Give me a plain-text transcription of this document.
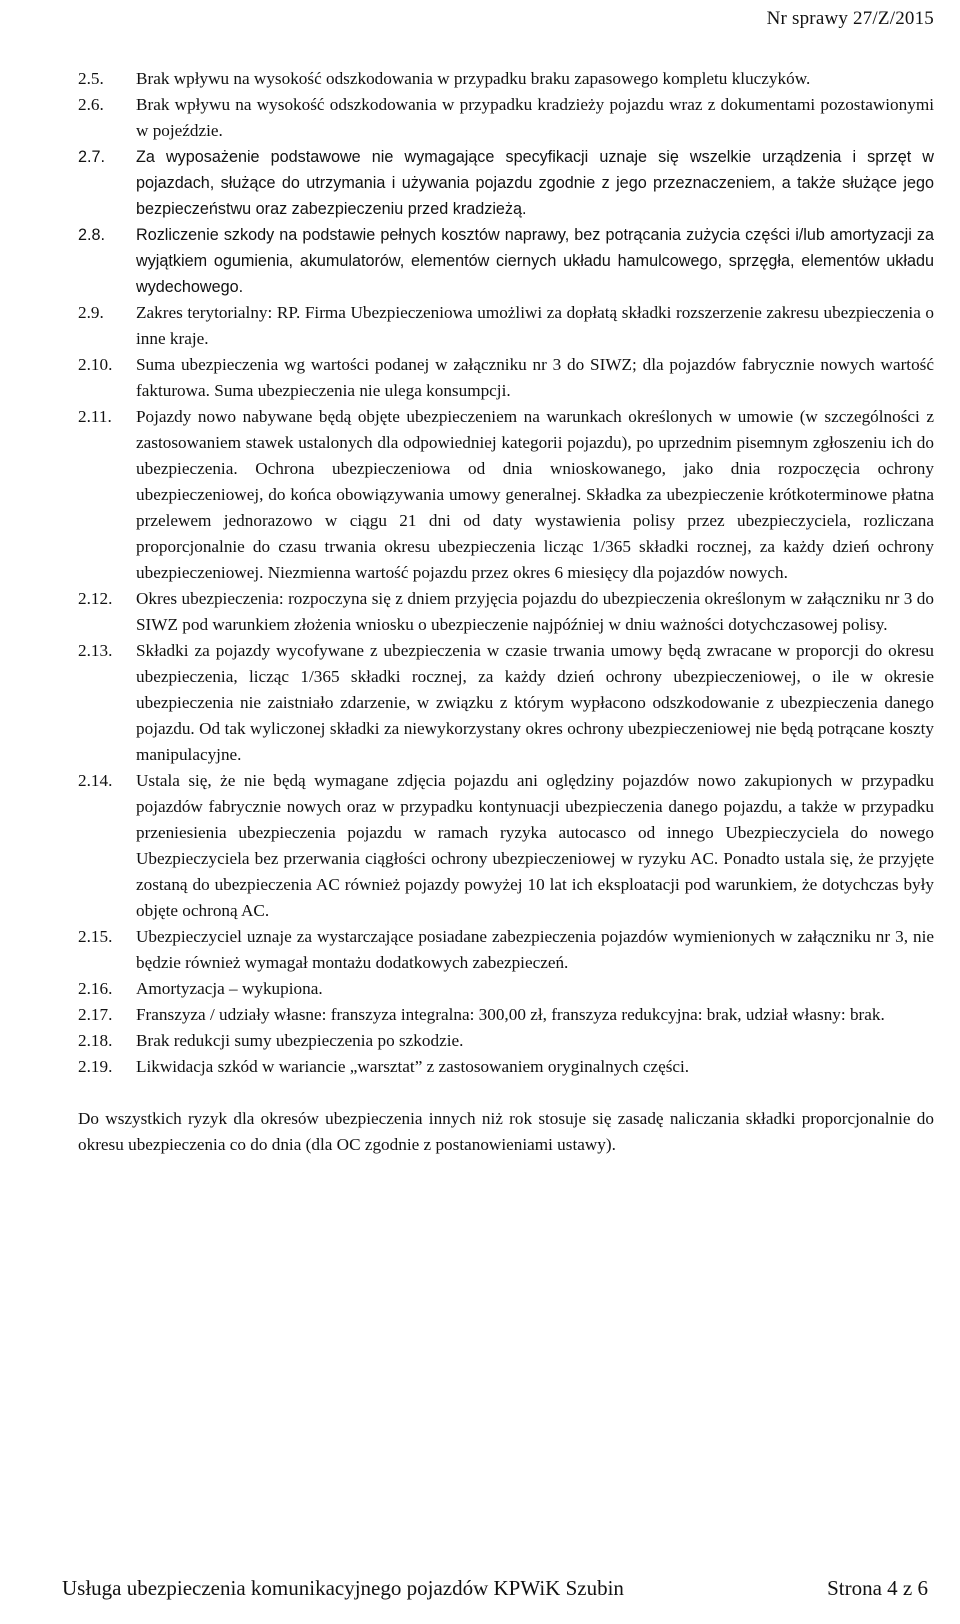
Nr sprawy 27/Z/2015
2.5.	Brak wpływu na wysokość odszkodowania w przypadku braku zapasowego kompletu kluczyków.
2.6.	Brak wpływu na wysokość odszkodowania w przypadku kradzieży pojazdu wraz z dokumentami pozostawionymi w pojeździe.
2.7.	Za wyposażenie podstawowe nie wymagające specyfikacji uznaje się wszelkie urządzenia i sprzęt w pojazdach, służące do utrzymania i używania pojazdu zgodnie z jego przeznaczeniem, a także służące jego bezpieczeństwu oraz zabezpieczeniu przed kradzieżą.
2.8.	Rozliczenie szkody na podstawie pełnych kosztów naprawy, bez potrącania zużycia części i/lub amortyzacji za wyjątkiem ogumienia, akumulatorów, elementów ciernych układu hamulcowego, sprzęgła, elementów układu wydechowego.
2.9.	Zakres terytorialny: RP. Firma Ubezpieczeniowa umożliwi za dopłatą składki rozszerzenie zakresu ubezpieczenia o inne kraje.
2.10.	Suma ubezpieczenia wg wartości podanej w załączniku nr 3 do SIWZ; dla pojazdów fabrycznie nowych wartość fakturowa. Suma ubezpieczenia nie ulega konsumpcji.
2.11.	Pojazdy nowo nabywane będą objęte ubezpieczeniem na warunkach określonych w umowie (w szczególności z zastosowaniem stawek ustalonych dla odpowiedniej kategorii pojazdu), po uprzednim pisemnym zgłoszeniu ich do ubezpieczenia. Ochrona ubezpieczeniowa od dnia wnioskowanego, jako dnia rozpoczęcia ochrony ubezpieczeniowej, do końca obowiązywania umowy generalnej. Składka za ubezpieczenie krótkoterminowe płatna przelewem jednorazowo w ciągu 21 dni od daty wystawienia polisy przez ubezpieczyciela, rozliczana proporcjonalnie do czasu trwania okresu ubezpieczenia licząc 1/365 składki rocznej, za każdy dzień ochrony ubezpieczeniowej. Niezmienna wartość pojazdu przez okres 6 miesięcy dla pojazdów nowych.
2.12.	Okres ubezpieczenia: rozpoczyna się z dniem przyjęcia pojazdu do ubezpieczenia określonym w załączniku nr 3 do SIWZ pod warunkiem złożenia wniosku o ubezpieczenie najpóźniej w dniu ważności dotychczasowej polisy.
2.13.	Składki za pojazdy wycofywane z ubezpieczenia w czasie trwania umowy będą zwracane w proporcji do okresu ubezpieczenia, licząc 1/365 składki rocznej, za każdy dzień ochrony ubezpieczeniowej, o ile w okresie ubezpieczenia nie zaistniało zdarzenie, w związku z którym wypłacono odszkodowanie z ubezpieczenia danego pojazdu. Od tak wyliczonej składki za niewykorzystany okres ochrony ubezpieczeniowej nie będą potrącane koszty manipulacyjne.
2.14.	Ustala się, że nie będą wymagane zdjęcia pojazdu ani oględziny pojazdów nowo zakupionych w przypadku pojazdów fabrycznie nowych oraz w przypadku kontynuacji ubezpieczenia danego pojazdu, a także w przypadku przeniesienia ubezpieczenia pojazdu w ramach ryzyka autocasco od innego Ubezpieczyciela do nowego Ubezpieczyciela bez przerwania ciągłości ochrony ubezpieczeniowej w ryzyku AC. Ponadto ustala się, że przyjęte zostaną do ubezpieczenia AC również pojazdy powyżej 10 lat ich eksploatacji pod warunkiem, że dotychczas były objęte ochroną AC.
2.15.	Ubezpieczyciel uznaje za wystarczające posiadane zabezpieczenia pojazdów wymienionych w załączniku nr 3, nie będzie również wymagał montażu dodatkowych zabezpieczeń.
2.16.	Amortyzacja – wykupiona.
2.17.	Franszyza / udziały własne: franszyza integralna: 300,00 zł, franszyza redukcyjna: brak, udział własny: brak.
2.18.	Brak redukcji sumy ubezpieczenia po szkodzie.
2.19.	Likwidacja szkód w wariancie „warsztat” z zastosowaniem oryginalnych części.
Do wszystkich ryzyk dla okresów ubezpieczenia innych niż rok stosuje się zasadę naliczania składki proporcjonalnie do okresu ubezpieczenia co do dnia (dla OC zgodnie z postanowieniami ustawy).
Usługa ubezpieczenia komunikacyjnego pojazdów KPWiK Szubin	Strona 4 z 6
